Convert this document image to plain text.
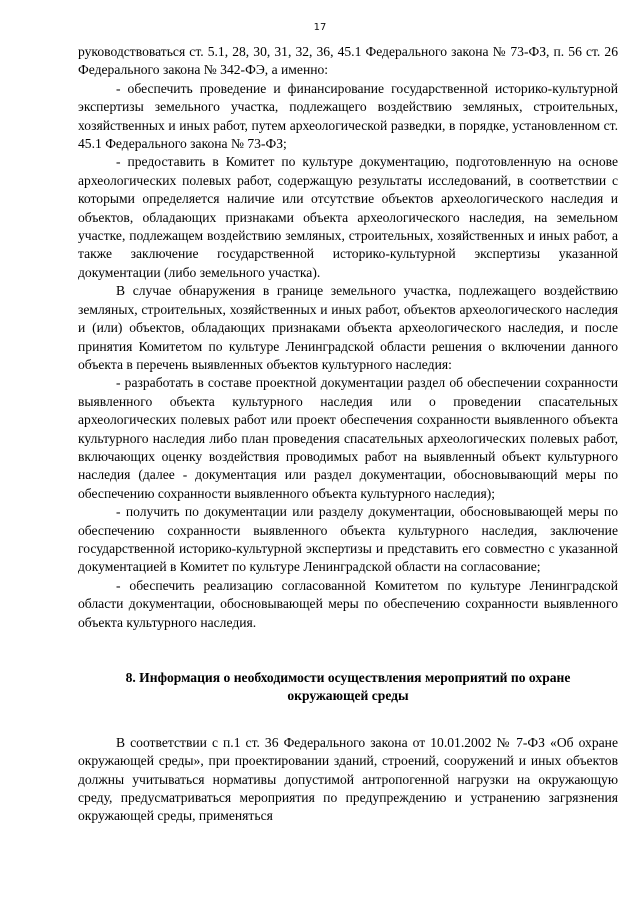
17

руководствоваться ст. 5.1, 28, 30, 31, 32, 36, 45.1 Федерального закона № 73-ФЗ, п. 56 ст. 26 Федерального закона № 342-ФЭ, а именно:

- обеспечить проведение и финансирование государственной историко-культурной экспертизы земельного участка, подлежащего воздействию земляных, строительных, хозяйственных и иных работ, путем археологической разведки, в порядке, установленном ст. 45.1 Федерального закона № 73-ФЗ;

- предоставить в Комитет по культуре документацию, подготовленную на основе археологических полевых работ, содержащую результаты исследований, в соответствии с которыми определяется наличие или отсутствие объектов археологического наследия и объектов, обладающих признаками объекта археологического наследия, на земельном участке, подлежащем воздействию земляных, строительных, хозяйственных и иных работ, а также заключение государственной историко-культурной экспертизы указанной документации (либо земельного участка).

В случае обнаружения в границе земельного участка, подлежащего воздействию земляных, строительных, хозяйственных и иных работ, объектов археологического наследия и (или) объектов, обладающих признаками объекта археологического наследия, и после принятия Комитетом по культуре Ленинградской области решения о включении данного объекта в перечень выявленных объектов культурного наследия:

- разработать в составе проектной документации раздел об обеспечении сохранности выявленного объекта культурного наследия или о проведении спасательных археологических полевых работ или проект обеспечения сохранности выявленного объекта культурного наследия либо план проведения спасательных археологических полевых работ, включающих оценку воздействия проводимых работ на выявленный объект культурного наследия (далее - документация или раздел документации, обосновывающий меры по обеспечению сохранности выявленного объекта культурного наследия);

- получить по документации или разделу документации, обосновывающей меры по обеспечению сохранности выявленного объекта культурного наследия, заключение государственной историко-культурной экспертизы и представить его совместно с указанной документацией в Комитет по культуре Ленинградской области на согласование;

- обеспечить реализацию согласованной Комитетом по культуре Ленинградской области документации, обосновывающей меры по обеспечению сохранности выявленного объекта культурного наследия.

8. Информация о необходимости осуществления мероприятий по охране окружающей среды

В соответствии с п.1 ст. 36 Федерального закона от 10.01.2002 № 7-ФЗ «Об охране окружающей среды», при проектировании зданий, строений, сооружений и иных объектов должны учитываться нормативы допустимой антропогенной нагрузки на окружающую среду, предусматриваться мероприятия по предупреждению и устранению загрязнения окружающей среды, применяться
